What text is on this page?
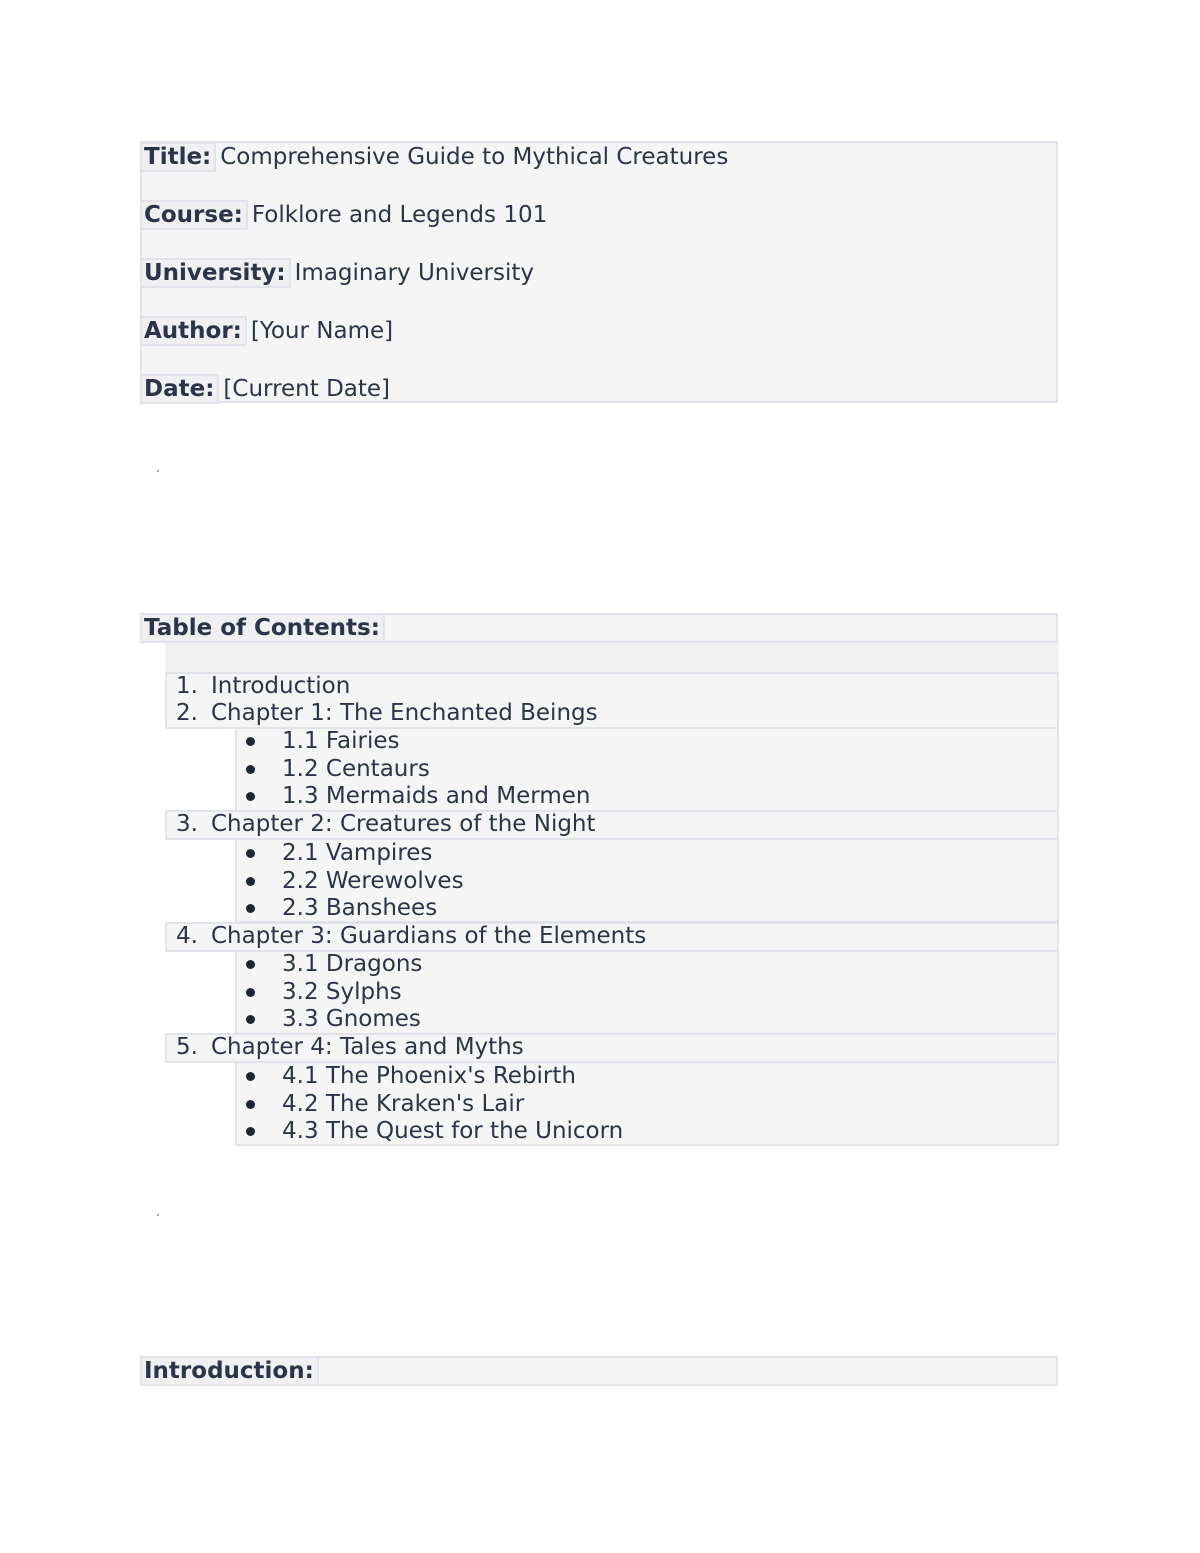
Title: Comprehensive Guide to Mythical Creatures
Course: Folklore and Legends 101
University: Imaginary University
Author: [Your Name]
Date: [Current Date]
Table of Contents:
1. Introduction
2. Chapter 1: The Enchanted Beings
1.1 Fairies
1.2 Centaurs
1.3 Mermaids and Mermen
3. Chapter 2: Creatures of the Night
2.1 Vampires
2.2 Werewolves
2.3 Banshees
4. Chapter 3: Guardians of the Elements
3.1 Dragons
3.2 Sylphs
3.3 Gnomes
5. Chapter 4: Tales and Myths
4.1 The Phoenix's Rebirth
4.2 The Kraken's Lair
4.3 The Quest for the Unicorn
Introduction:
